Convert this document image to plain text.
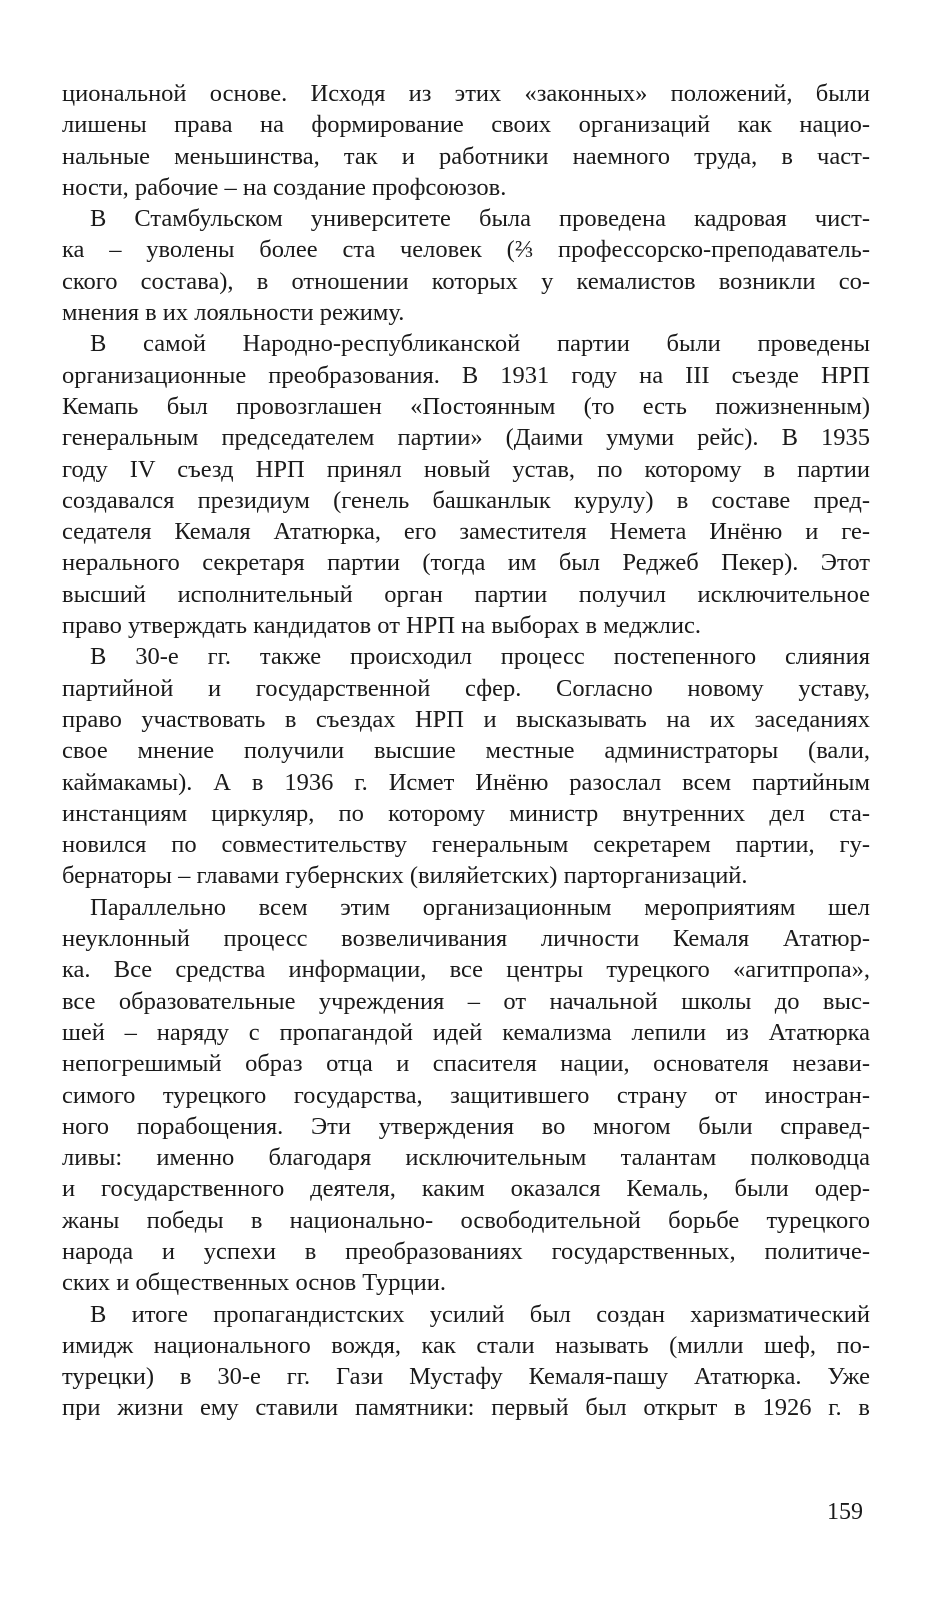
циональной основе. Исходя из этих «законных» положений, были
лишены права на формирование своих организаций как нацио-
нальные меньшинства, так и работники наемного труда, в част-
ности, рабочие – на создание профсоюзов.
В Стамбульском университете была проведена кадровая чист-
ка – уволены более ста человек (⅔ профессорско-преподаватель-
ского состава), в отношении которых у кемалистов возникли со-
мнения в их лояльности режиму.
В самой Народно-республиканской партии были проведены
организационные преобразования. В 1931 году на III съезде НРП
Кемапь был провозглашен «Постоянным (то есть пожизненным)
генеральным председателем партии» (Даими умуми рейс). В 1935
году IV съезд НРП принял новый устав, по которому в партии
создавался президиум (генель башканлык курулу) в составе пред-
седателя Кемаля Ататюрка, его заместителя Немета Инёню и ге-
нерального секретаря партии (тогда им был Реджеб Пекер). Этот
высший исполнительный орган партии получил исключительное
право утверждать кандидатов от НРП на выборах в меджлис.
В 30-е гг. также происходил процесс постепенного слияния
партийной и государственной сфер. Согласно новому уставу,
право участвовать в съездах НРП и высказывать на их заседаниях
свое мнение получили высшие местные администраторы (вали,
каймакамы). А в 1936 г. Исмет Инёню разослал всем партийным
инстанциям циркуляр, по которому министр внутренних дел ста-
новился по совместительству генеральным секретарем партии, гу-
бернаторы – главами губернских (виляйетских) парторганизаций.
Параллельно всем этим организационным мероприятиям шел
неуклонный процесс возвеличивания личности Кемаля Ататюр-
ка. Все средства информации, все центры турецкого «агитпропа»,
все образовательные учреждения – от начальной школы до выс-
шей – наряду с пропагандой идей кемализма лепили из Ататюрка
непогрешимый образ отца и спасителя нации, основателя незави-
симого турецкого государства, защитившего страну от иностран-
ного порабощения. Эти утверждения во многом были справед-
ливы: именно благодаря исключительным талантам полководца
и государственного деятеля, каким оказался Кемаль, были одер-
жаны победы в национально- освободительной борьбе турецкого
народа и успехи в преобразованиях государственных, политиче-
ских и общественных основ Турции.
В итоге пропагандистских усилий был создан харизматический
имидж национального вождя, как стали называть (милли шеф, по-
турецки) в 30-е гг. Гази Мустафу Кемаля-пашу Ататюрка. Уже
при жизни ему ставили памятники: первый был открыт в 1926 г. в
159
